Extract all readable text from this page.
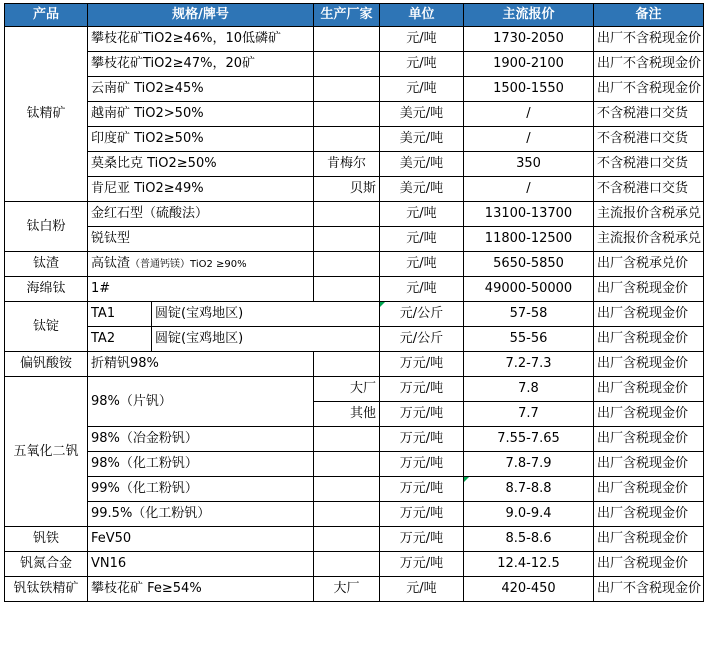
产品	规格/牌号		生产厂家	单位	主流报价	备注
钛精矿	攀枝花矿TiO2≥46%，10低磷矿			元/吨	1730-2050	出厂不含税现金价
	攀枝花矿TiO2≥47%，20矿			元/吨	1900-2100	出厂不含税现金价
	云南矿 TiO2≥45%			元/吨	1500-1550	出厂不含税现金价
	越南矿 TiO2>50%			美元/吨	/	不含税港口交货
	印度矿 TiO2≥50%			美元/吨	/	不含税港口交货
	莫桑比克 TiO2≥50%		肯梅尔	美元/吨	350	不含税港口交货
	肯尼亚 TiO2≥49%		贝斯	美元/吨	/	不含税港口交货
钛白粉	金红石型（硫酸法）			元/吨	13100-13700	主流报价含税承兑
	锐钛型			元/吨	11800-12500	主流报价含税承兑
钛渣	高钛渣（普通钙镁）TiO2 ≥90%			元/吨	5650-5850	出厂含税承兑价
海绵钛	1#			元/吨	49000-50000	出厂含税现金价
钛锭	TA1	圆锭(宝鸡地区)		元/公斤	57-58	出厂含税现金价
	TA2	圆锭(宝鸡地区)		元/公斤	55-56	出厂含税现金价
偏钒酸铵	折精钒98%			万元/吨	7.2-7.3	出厂含税现金价
五氧化二钒	98%（片钒）		大厂	万元/吨	7.8	出厂含税现金价
			其他	万元/吨	7.7	出厂含税现金价
	98%（冶金粉钒）			万元/吨	7.55-7.65	出厂含税现金价
	98%（化工粉钒）			万元/吨	7.8-7.9	出厂含税现金价
	99%（化工粉钒）			万元/吨	8.7-8.8	出厂含税现金价
	99.5%（化工粉钒）			万元/吨	9.0-9.4	出厂含税现金价
钒铁	FeV50			万元/吨	8.5-8.6	出厂含税现金价
钒氮合金	VN16			万元/吨	12.4-12.5	出厂含税现金价
钒钛铁精矿	攀枝花矿 Fe≥54%		大厂	元/吨	420-450	出厂不含税现金价
